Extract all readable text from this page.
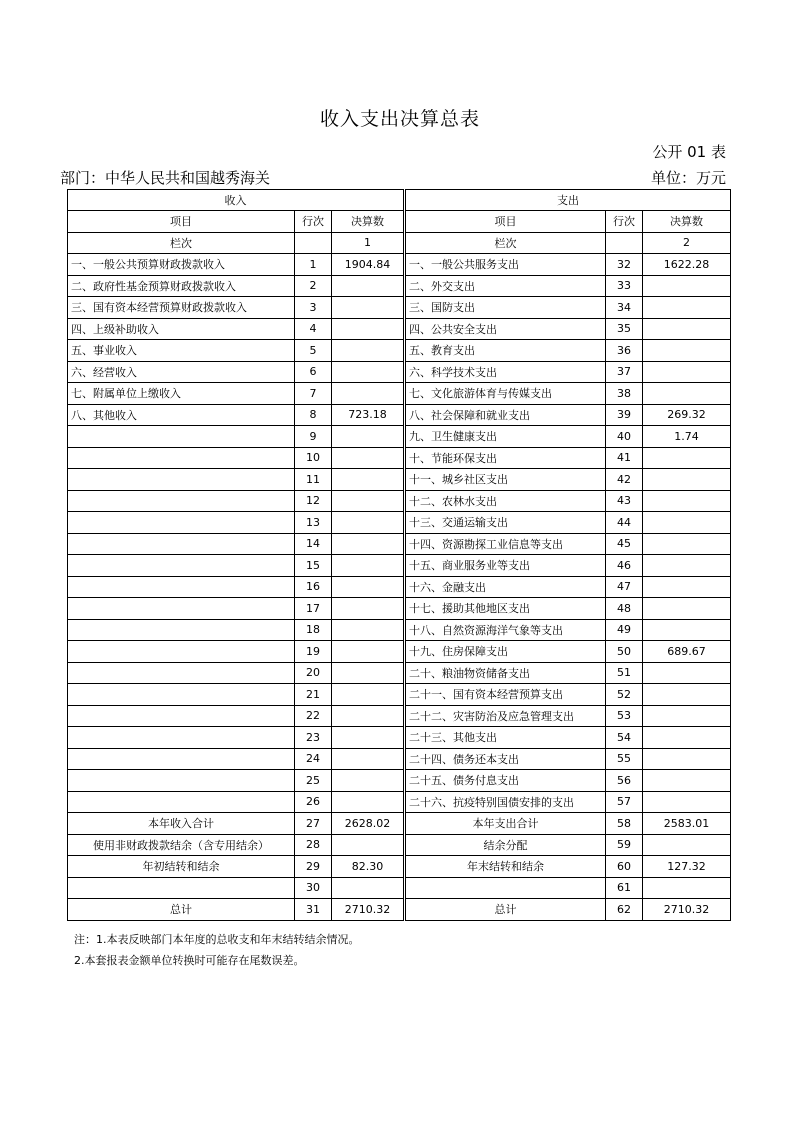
收入支出决算总表
公开 01 表
部门：中华人民共和国越秀海关	单位：万元
收入			支出		
项目	行次	决算数	项目	行次	决算数
栏次		1	栏次		2
一、一般公共预算财政拨款收入	1	1904.84	一、一般公共服务支出	32	1622.28
二、政府性基金预算财政拨款收入	2		二、外交支出	33	
三、国有资本经营预算财政拨款收入	3		三、国防支出	34	
四、上级补助收入	4		四、公共安全支出	35	
五、事业收入	5		五、教育支出	36	
六、经营收入	6		六、科学技术支出	37	
七、附属单位上缴收入	7		七、文化旅游体育与传媒支出	38	
八、其他收入	8	723.18	八、社会保障和就业支出	39	269.32
	9		九、卫生健康支出	40	1.74
	10		十、节能环保支出	41	
	11		十一、城乡社区支出	42	
	12		十二、农林水支出	43	
	13		十三、交通运输支出	44	
	14		十四、资源勘探工业信息等支出	45	
	15		十五、商业服务业等支出	46	
	16		十六、金融支出	47	
	17		十七、援助其他地区支出	48	
	18		十八、自然资源海洋气象等支出	49	
	19		十九、住房保障支出	50	689.67
	20		二十、粮油物资储备支出	51	
	21		二十一、国有资本经营预算支出	52	
	22		二十二、灾害防治及应急管理支出	53	
	23		二十三、其他支出	54	
	24		二十四、债务还本支出	55	
	25		二十五、债务付息支出	56	
	26		二十六、抗疫特别国债安排的支出	57	
本年收入合计	27	2628.02	本年支出合计	58	2583.01
使用非财政拨款结余（含专用结余）	28		结余分配	59	
年初结转和结余	29	82.30	年末结转和结余	60	127.32
	30			61	
总计	31	2710.32	总计	62	2710.32
注：1.本表反映部门本年度的总收支和年末结转结余情况。
2.本套报表金额单位转换时可能存在尾数误差。
